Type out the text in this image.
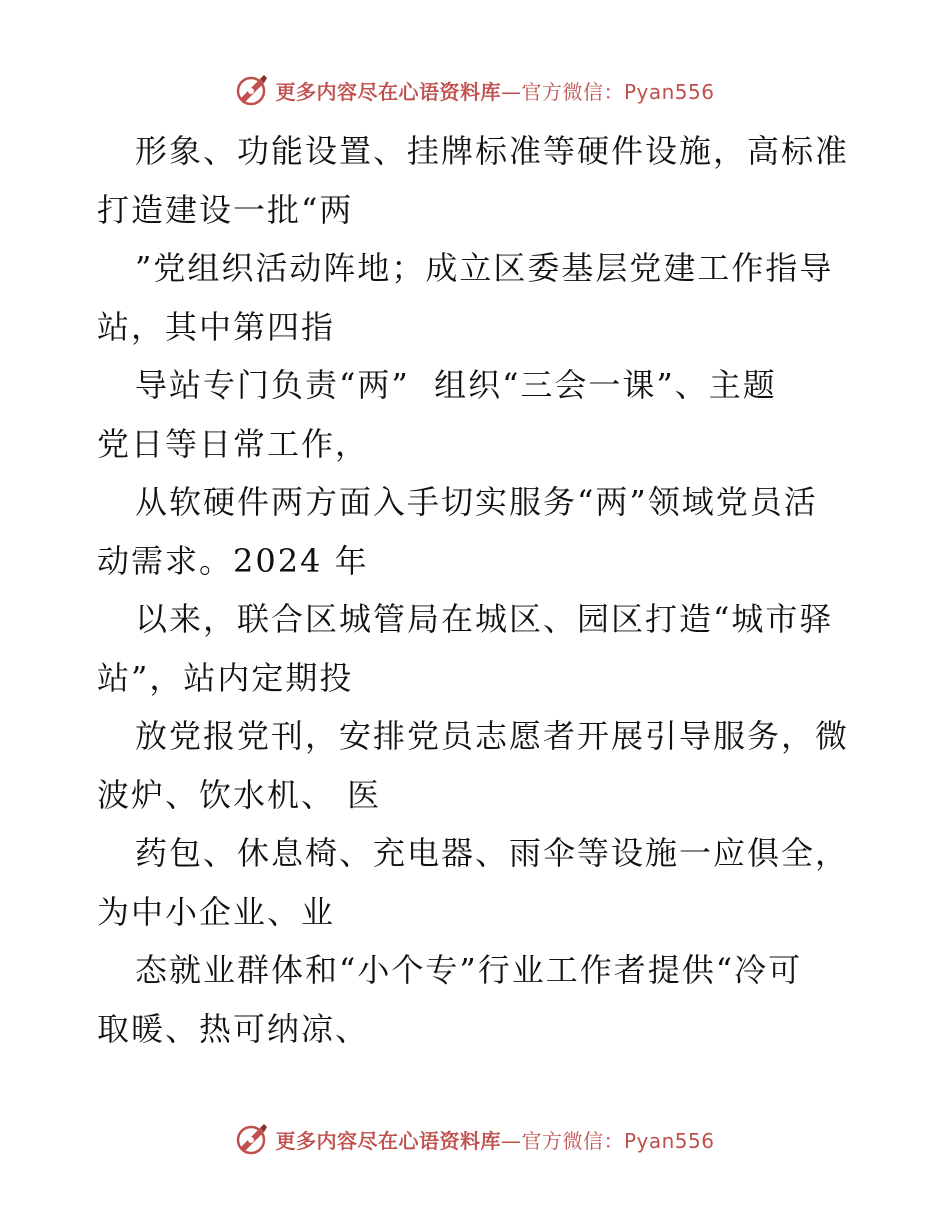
更多内容尽在心语资料库—官方微信：Pyan556

形象、功能设置、挂牌标准等硬件设施，高标准
打造建设一批“两

”党组织活动阵地；成立区委基层党建工作指导
站，其中第四指

导站专门负责“两”  组织“三会一课”、主题
党日等日常工作，

从软硬件两方面入手切实服务“两”领域党员活
动需求。2024 年

以来，联合区城管局在城区、园区打造“城市驿
站”，站内定期投

放党报党刊，安排党员志愿者开展引导服务，微
波炉、饮水机、 医

药包、休息椅、充电器、雨伞等设施一应俱全，
为中小企业、业

态就业群体和“小个专”行业工作者提供“冷可
取暖、热可纳凉、

更多内容尽在心语资料库—官方微信：Pyan556
